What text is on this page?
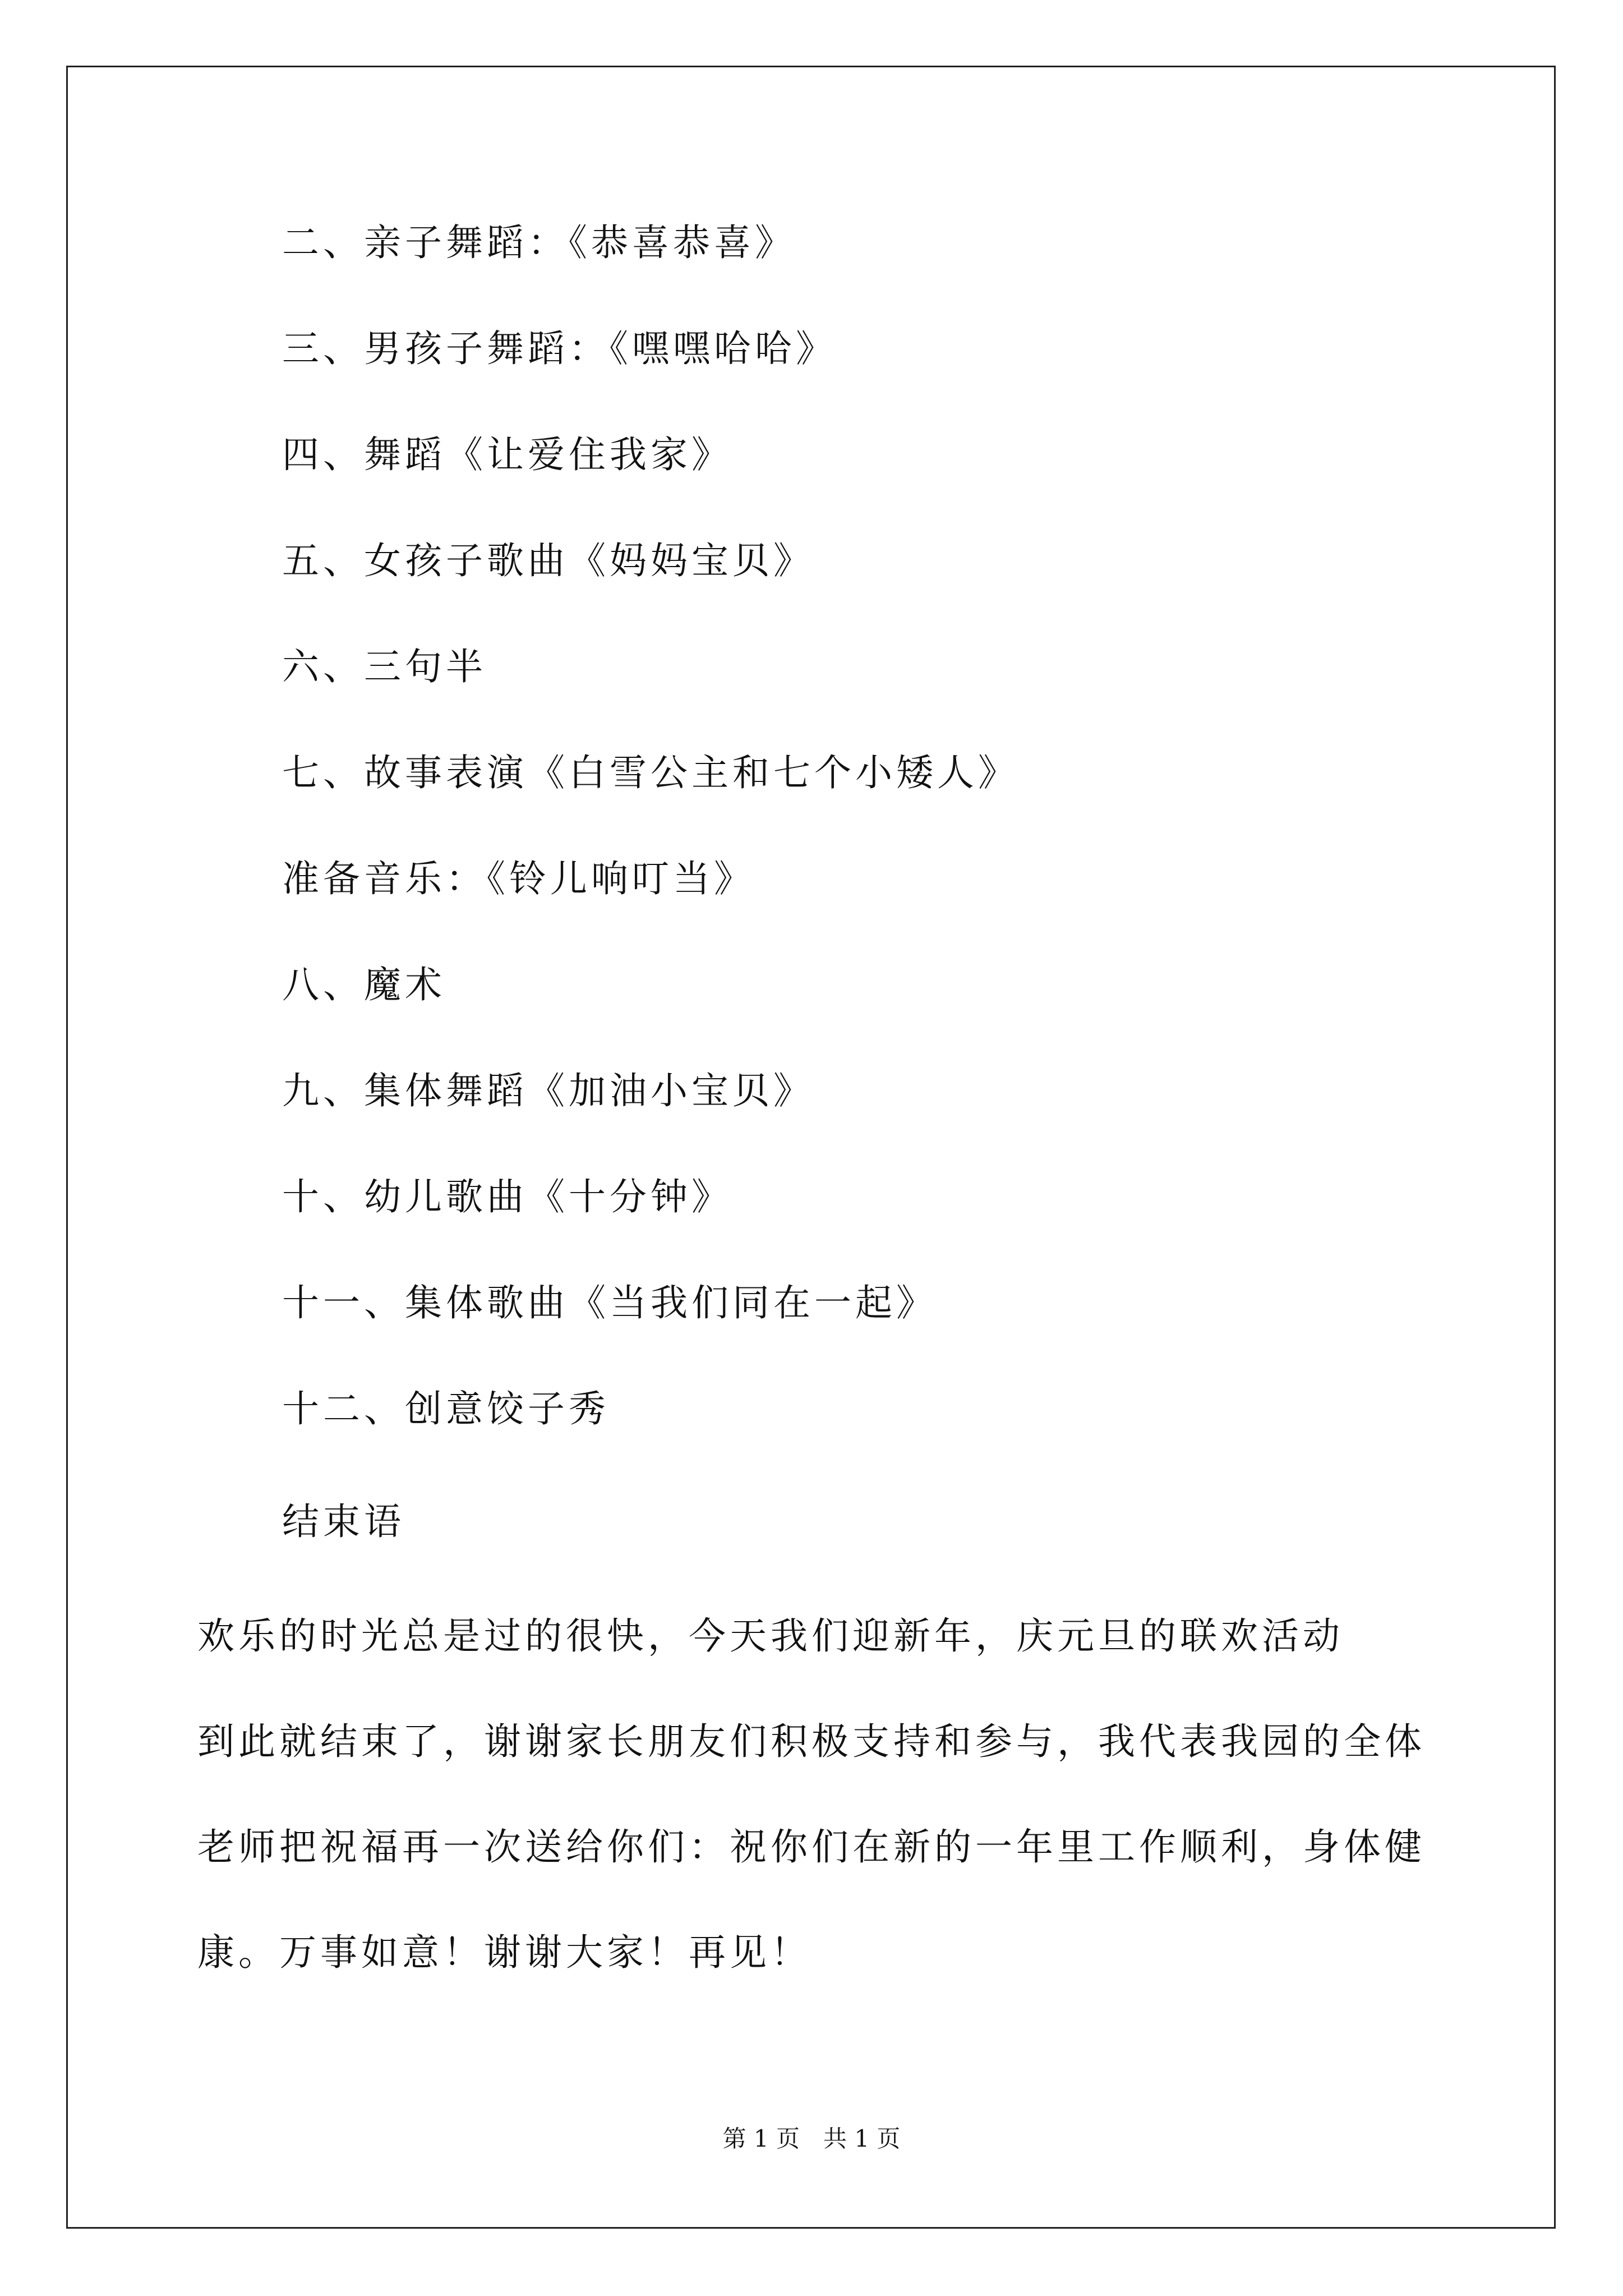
二、亲子舞蹈：《恭喜恭喜》
三、男孩子舞蹈：《嘿嘿哈哈》
四、舞蹈《让爱住我家》
五、女孩子歌曲《妈妈宝贝》
六、三句半
七、故事表演《白雪公主和七个小矮人》
准备音乐：《铃儿响叮当》
八、魔术
九、集体舞蹈《加油小宝贝》
十、幼儿歌曲《十分钟》
十一、集体歌曲《当我们同在一起》
十二、创意饺子秀
结束语

欢乐的时光总是过的很快，今天我们迎新年，庆元旦的联欢活动
到此就结束了，谢谢家长朋友们积极支持和参与，我代表我园的全体
老师把祝福再一次送给你们：祝你们在新的一年里工作顺利，身体健
康。万事如意！谢谢大家！再见！

第 1 页　共 1 页
